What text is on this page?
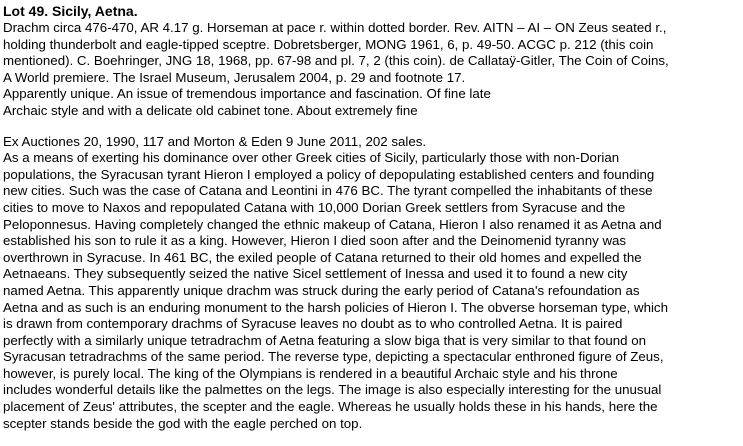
Lot 49. Sicily, Aetna.
Drachm circa 476-470, AR 4.17 g. Horseman at pace r. within dotted border. Rev. AITN – AI – ON Zeus seated r.,
holding thunderbolt and eagle-tipped sceptre. Dobretsberger, MONG 1961, 6, p. 49-50. ACGC p. 212 (this coin
mentioned). C. Boehringer, JNG 18, 1968, pp. 67-98 and pl. 7, 2 (this coin). de Callataÿ-Gitler, The Coin of Coins,
A World premiere. The Israel Museum, Jerusalem 2004, p. 29 and footnote 17.
Apparently unique. An issue of tremendous importance and fascination. Of fine late
Archaic style and with a delicate old cabinet tone. About extremely fine
Ex Auctiones 20, 1990, 117 and Morton & Eden 9 June 2011, 202 sales.
As a means of exerting his dominance over other Greek cities of Sicily, particularly those with non-Dorian
populations, the Syracusan tyrant Hieron I employed a policy of depopulating established centers and founding
new cities. Such was the case of Catana and Leontini in 476 BC. The tyrant compelled the inhabitants of these
cities to move to Naxos and repopulated Catana with 10,000 Dorian Greek settlers from Syracuse and the
Peloponnesus. Having completely changed the ethnic makeup of Catana, Hieron I also renamed it as Aetna and
established his son to rule it as a king. However, Hieron I died soon after and the Deinomenid tyranny was
overthrown in Syracuse. In 461 BC, the exiled people of Catana returned to their old homes and expelled the
Aetnaeans. They subsequently seized the native Sicel settlement of Inessa and used it to found a new city
named Aetna. This apparently unique drachm was struck during the early period of Catana's refoundation as
Aetna and as such is an enduring monument to the harsh policies of Hieron I. The obverse horseman type, which
is drawn from contemporary drachms of Syracuse leaves no doubt as to who controlled Aetna. It is paired
perfectly with a similarly unique tetradrachm of Aetna featuring a slow biga that is very similar to that found on
Syracusan tetradrachms of the same period. The reverse type, depicting a spectacular enthroned figure of Zeus,
however, is purely local. The king of the Olympians is rendered in a beautiful Archaic style and his throne
includes wonderful details like the palmettes on the legs. The image is also especially interesting for the unusual
placement of Zeus' attributes, the scepter and the eagle. Whereas he usually holds these in his hands, here the
scepter stands beside the god with the eagle perched on top.
